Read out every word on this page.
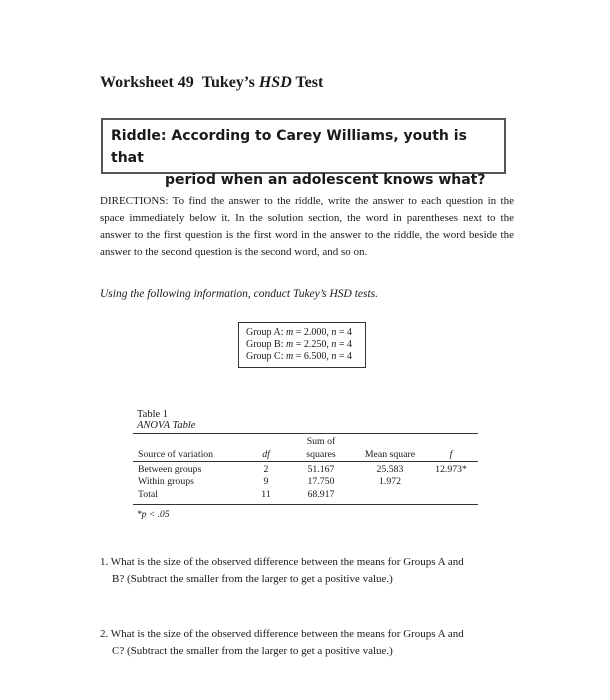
Worksheet 49 Tukey’s HSD Test
Riddle: According to Carey Williams, youth is that
period when an adolescent knows what?
DIRECTIONS: To find the answer to the riddle, write the answer to each question in the space immediately below it. In the solution section, the word in parentheses next to the answer to the first question is the first word in the answer to the riddle, the word beside the answer to the second question is the second word, and so on.
Using the following information, conduct Tukey’s HSD tests.
Group A: m = 2.000, n = 4
Group B: m = 2.250, n = 4
Group C: m = 6.500, n = 4
Table 1
ANOVA Table
Sum of
Source of variation	df	squares	Mean square	f
Between groups	2	51.167	25.583	12.973*
Within groups	9	17.750	1.972
Total	11	68.917
*p < .05
1. What is the size of the observed difference between the means for Groups A and
B? (Subtract the smaller from the larger to get a positive value.)
2. What is the size of the observed difference between the means for Groups A and
C? (Subtract the smaller from the larger to get a positive value.)
